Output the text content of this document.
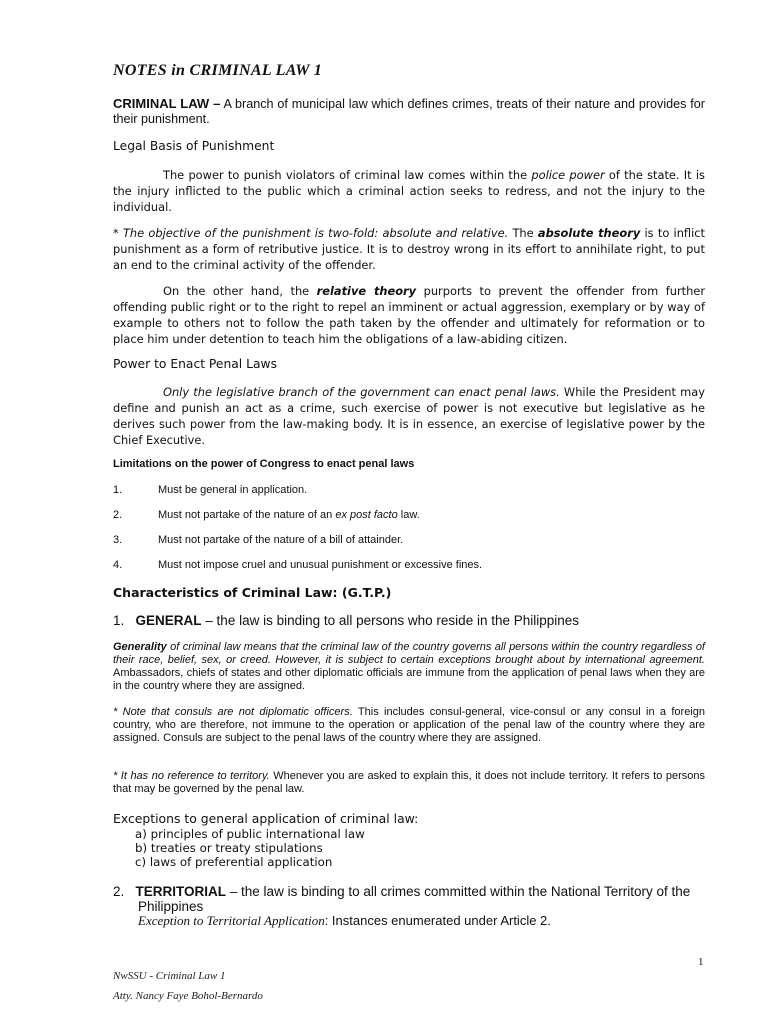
NOTES in CRIMINAL LAW 1
CRIMINAL LAW – A branch of municipal law which defines crimes, treats of their nature and provides for their punishment.
Legal Basis of Punishment
The power to punish violators of criminal law comes within the police power of the state. It is the injury inflicted to the public which a criminal action seeks to redress, and not the injury to the individual.
* The objective of the punishment is two-fold: absolute and relative. The absolute theory is to inflict punishment as a form of retributive justice. It is to destroy wrong in its effort to annihilate right, to put an end to the criminal activity of the offender.
On the other hand, the relative theory purports to prevent the offender from further offending public right or to the right to repel an imminent or actual aggression, exemplary or by way of example to others not to follow the path taken by the offender and ultimately for reformation or to place him under detention to teach him the obligations of a law-abiding citizen.
Power to Enact Penal Laws
Only the legislative branch of the government can enact penal laws. While the President may define and punish an act as a crime, such exercise of power is not executive but legislative as he derives such power from the law-making body. It is in essence, an exercise of legislative power by the Chief Executive.
Limitations on the power of Congress to enact penal laws
1.	Must be general in application.
2.	Must not partake of the nature of an ex post facto law.
3.	Must not partake of the nature of a bill of attainder.
4.	Must not impose cruel and unusual punishment or excessive fines.
Characteristics of Criminal Law: (G.T.P.)
1. GENERAL – the law is binding to all persons who reside in the Philippines
Generality of criminal law means that the criminal law of the country governs all persons within the country regardless of their race, belief, sex, or creed. However, it is subject to certain exceptions brought about by international agreement. Ambassadors, chiefs of states and other diplomatic officials are immune from the application of penal laws when they are in the country where they are assigned.
* Note that consuls are not diplomatic officers. This includes consul-general, vice-consul or any consul in a foreign country, who are therefore, not immune to the operation or application of the penal law of the country where they are assigned. Consuls are subject to the penal laws of the country where they are assigned.
* It has no reference to territory. Whenever you are asked to explain this, it does not include territory. It refers to persons that may be governed by the penal law.
Exceptions to general application of criminal law:
a) principles of public international law
b) treaties or treaty stipulations
c) laws of preferential application
2. TERRITORIAL – the law is binding to all crimes committed within the National Territory of the Philippines
Exception to Territorial Application: Instances enumerated under Article 2.
1
NwSSU - Criminal Law 1
Atty. Nancy Faye Bohol-Bernardo
